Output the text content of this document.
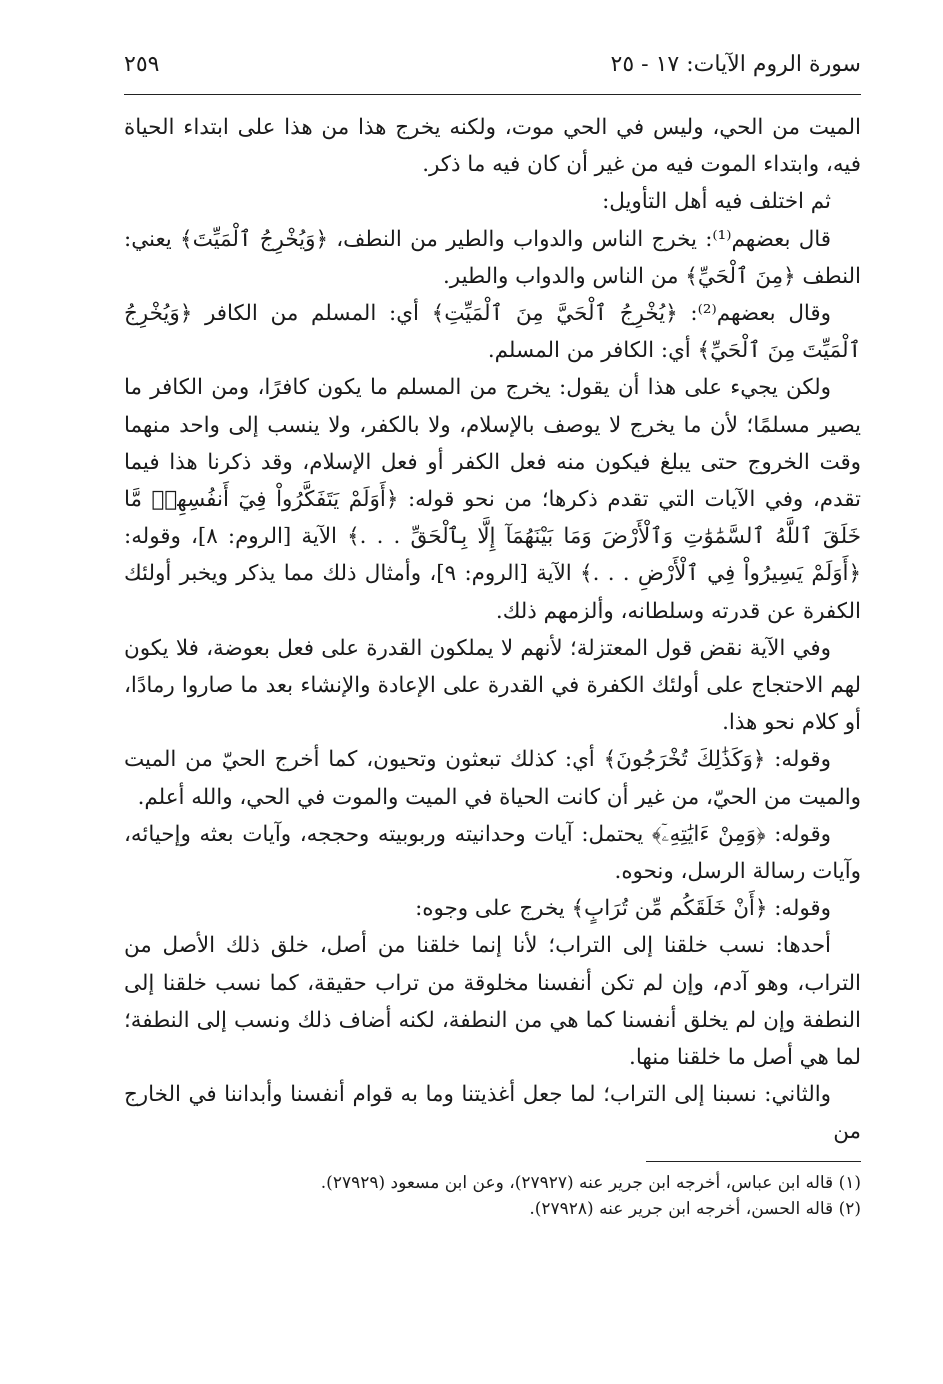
سورة الروم الآيات: ١٧ - ٢٥
٢٥٩

الميت من الحي، وليس في الحي موت، ولكنه يخرج هذا من هذا على ابتداء الحياة فيه، وابتداء الموت فيه من غير أن كان فيه ما ذكر.

ثم اختلف فيه أهل التأويل:

قال بعضهم⁽¹⁾: يخرج الناس والدواب والطير من النطف، ﴿وَيُخْرِجُ ٱلْمَيِّتَ﴾ يعني: النطف ﴿مِنَ ٱلْحَيِّ﴾ من الناس والدواب والطير.

وقال بعضهم⁽²⁾: ﴿يُخْرِجُ ٱلْحَيَّ مِنَ ٱلْمَيِّتِ﴾ أي: المسلم من الكافر ﴿وَيُخْرِجُ ٱلْمَيِّتَ مِنَ ٱلْحَيِّ﴾ أي: الكافر من المسلم.

ولكن يجيء على هذا أن يقول: يخرج من المسلم ما يكون كافرًا، ومن الكافر ما يصير مسلمًا؛ لأن ما يخرج لا يوصف بالإسلام، ولا بالكفر، ولا ينسب إلى واحد منهما وقت الخروج حتى يبلغ فيكون منه فعل الكفر أو فعل الإسلام، وقد ذكرنا هذا فيما تقدم، وفي الآيات التي تقدم ذكرها؛ من نحو قوله: ﴿أَوَلَمْ يَتَفَكَّرُواْ فِيٓ أَنفُسِهِمۗ مَّا خَلَقَ ٱللَّهُ ٱلسَّمَٰوَٰتِ وَٱلْأَرْضَ وَمَا بَيْنَهُمَآ إِلَّا بِٱلْحَقِّ . . .﴾ الآية [الروم: ٨]، وقوله: ﴿أَوَلَمْ يَسِيرُواْ فِي ٱلْأَرْضِ . . .﴾ الآية [الروم: ٩]، وأمثال ذلك مما يذكر ويخبر أولئك الكفرة عن قدرته وسلطانه، وألزمهم ذلك.

وفي الآية نقض قول المعتزلة؛ لأنهم لا يملكون القدرة على فعل بعوضة، فلا يكون لهم الاحتجاج على أولئك الكفرة في القدرة على الإعادة والإنشاء بعد ما صاروا رمادًا، أو كلام نحو هذا.

وقوله: ﴿وَكَذَٰلِكَ تُخْرَجُونَ﴾ أي: كذلك تبعثون وتحيون، كما أخرج الحيّ من الميت والميت من الحيّ، من غير أن كانت الحياة في الميت والموت في الحي، والله أعلم.

وقوله: ﴿وَمِنْ ءَايَٰتِهِۦٓ﴾ يحتمل: آيات وحدانيته وربوبيته وحججه، وآيات بعثه وإحيائه، وآيات رسالة الرسل، ونحوه.

وقوله: ﴿أَنْ خَلَقَكُم مِّن تُرَابٍ﴾ يخرج على وجوه:

أحدها: نسب خلقنا إلى التراب؛ لأنا إنما خلقنا من أصل، خلق ذلك الأصل من التراب، وهو آدم، وإن لم تكن أنفسنا مخلوقة من تراب حقيقة، كما نسب خلقنا إلى النطفة وإن لم يخلق أنفسنا كما هي من النطفة، لكنه أضاف ذلك ونسب إلى النطفة؛ لما هي أصل ما خلقنا منها.

والثاني: نسبنا إلى التراب؛ لما جعل أغذيتنا وما به قوام أنفسنا وأبداننا في الخارج من

(١) قاله ابن عباس، أخرجه ابن جرير عنه (٢٧٩٢٧)، وعن ابن مسعود (٢٧٩٢٩).
(٢) قاله الحسن، أخرجه ابن جرير عنه (٢٧٩٢٨).
